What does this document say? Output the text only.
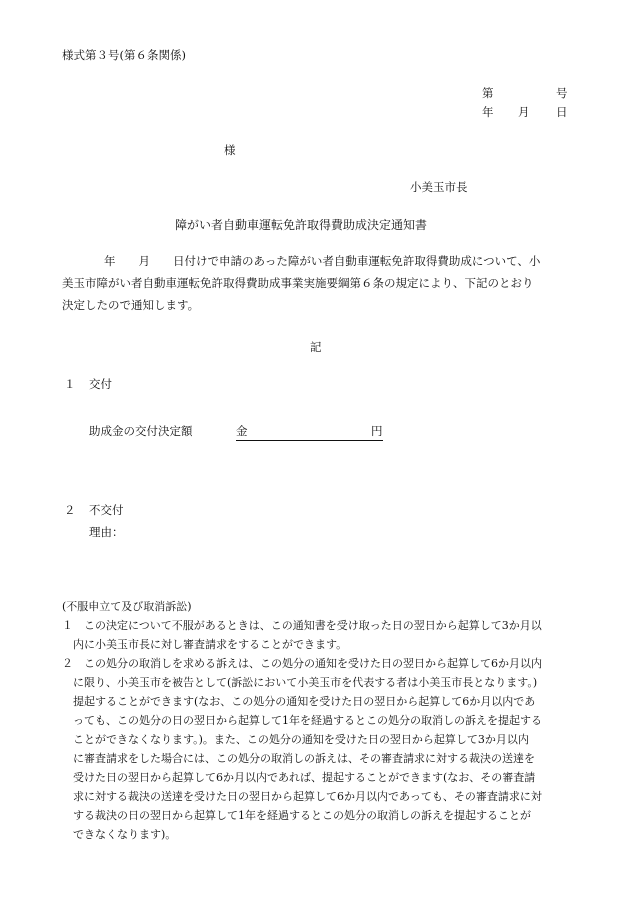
様式第３号(第６条関係)
第	号
年 月 日
様
小美玉市長
障がい者自動車運転免許取得費助成決定通知書
年　　月　　日付けで申請のあった障がい者自動車運転免許取得費助成について、小
美玉市障がい者自動車運転免許取得費助成事業実施要綱第６条の規定により、下記のとおり
決定したので通知します。
記
１ 交付
助成金の交付決定額	金	円
２ 不交付
理由：
(不服申立て及び取消訴訟)
１　この決定について不服があるときは、この通知書を受け取った日の翌日から起算して3か月以
　内に小美玉市長に対し審査請求をすることができます。
２　この処分の取消しを求める訴えは、この処分の通知を受けた日の翌日から起算して6か月以内
　に限り、小美玉市を被告として(訴訟において小美玉市を代表する者は小美玉市長となります。)
　提起することができます(なお、この処分の通知を受けた日の翌日から起算して6か月以内であ
　っても、この処分の日の翌日から起算して1年を経過するとこの処分の取消しの訴えを提起する
　ことができなくなります。)。また、この処分の通知を受けた日の翌日から起算して3か月以内
　に審査請求をした場合には、この処分の取消しの訴えは、その審査請求に対する裁決の送達を
　受けた日の翌日から起算して6か月以内であれば、提起することができます(なお、その審査請
　求に対する裁決の送達を受けた日の翌日から起算して6か月以内であっても、その審査請求に対
　する裁決の日の翌日から起算して1年を経過するとこの処分の取消しの訴えを提起することが
　できなくなります)。
